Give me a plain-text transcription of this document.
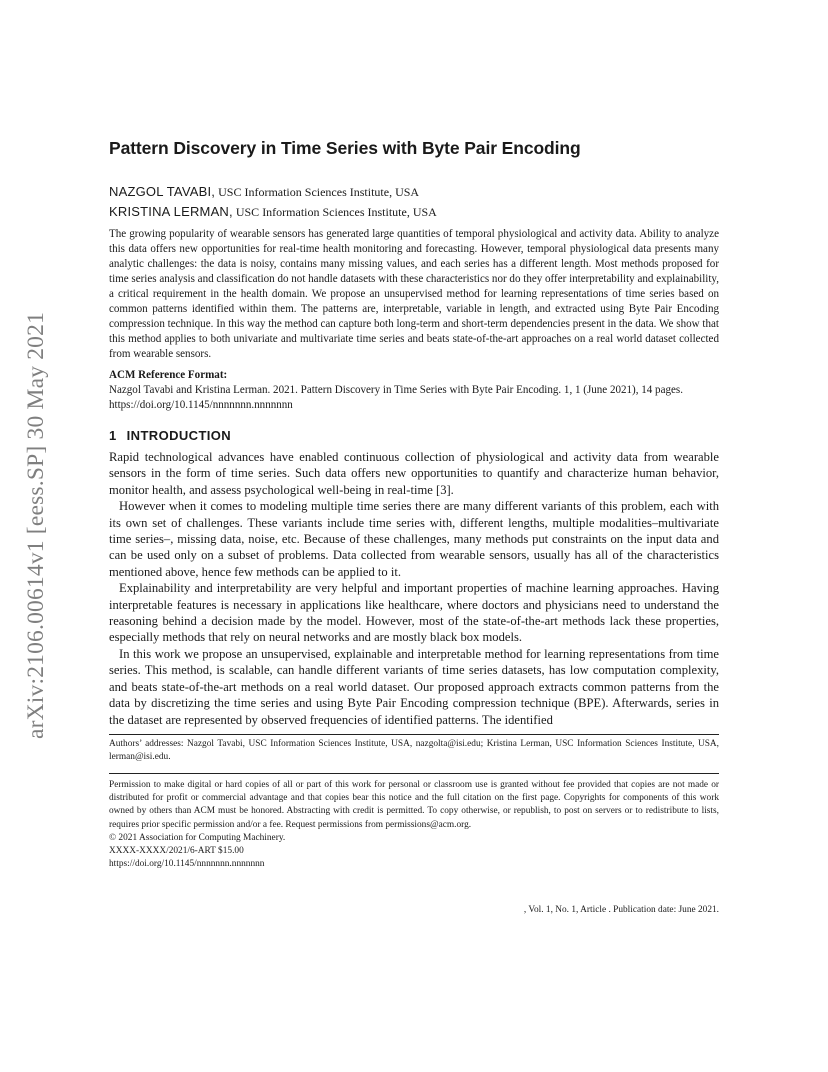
arXiv:2106.00614v1 [eess.SP] 30 May 2021
Pattern Discovery in Time Series with Byte Pair Encoding
NAZGOL TAVABI, USC Information Sciences Institute, USA
KRISTINA LERMAN, USC Information Sciences Institute, USA

The growing popularity of wearable sensors has generated large quantities of temporal physiological and activity data. Ability to analyze this data offers new opportunities for real-time health monitoring and forecasting. However, temporal physiological data presents many analytic challenges: the data is noisy, contains many missing values, and each series has a different length. Most methods proposed for time series analysis and classification do not handle datasets with these characteristics nor do they offer interpretability and explainability, a critical requirement in the health domain. We propose an unsupervised method for learning representations of time series based on common patterns identified within them. The patterns are, interpretable, variable in length, and extracted using Byte Pair Encoding compression technique. In this way the method can capture both long-term and short-term dependencies present in the data. We show that this method applies to both univariate and multivariate time series and beats state-of-the-art approaches on a real world dataset collected from wearable sensors.

ACM Reference Format:

Nazgol Tavabi and Kristina Lerman. 2021. Pattern Discovery in Time Series with Byte Pair Encoding. 1, 1 (June 2021), 14 pages. https://doi.org/10.1145/nnnnnnn.nnnnnnn

1 INTRODUCTION

Rapid technological advances have enabled continuous collection of physiological and activity data from wearable sensors in the form of time series. Such data offers new opportunities to quantify and characterize human behavior, monitor health, and assess psychological well-being in real-time [3].

However when it comes to modeling multiple time series there are many different variants of this problem, each with its own set of challenges. These variants include time series with, different lengths, multiple modalities–multivariate time series–, missing data, noise, etc. Because of these challenges, many methods put constraints on the input data and can be used only on a subset of problems. Data collected from wearable sensors, usually has all of the characteristics mentioned above, hence few methods can be applied to it.

Explainability and interpretability are very helpful and important properties of machine learning approaches. Having interpretable features is necessary in applications like healthcare, where doctors and physicians need to understand the reasoning behind a decision made by the model. However, most of the state-of-the-art methods lack these properties, especially methods that rely on neural networks and are mostly black box models.

In this work we propose an unsupervised, explainable and interpretable method for learning representations from time series. This method, is scalable, can handle different variants of time series datasets, has low computation complexity, and beats state-of-the-art methods on a real world dataset. Our proposed approach extracts common patterns from the data by discretizing the time series and using Byte Pair Encoding compression technique (BPE). Afterwards, series in the dataset are represented by observed frequencies of identified patterns. The identified

Authors’ addresses: Nazgol Tavabi, USC Information Sciences Institute, USA, nazgolta@isi.edu; Kristina Lerman, USC Information Sciences Institute, USA, lerman@isi.edu.

Permission to make digital or hard copies of all or part of this work for personal or classroom use is granted without fee provided that copies are not made or distributed for profit or commercial advantage and that copies bear this notice and the full citation on the first page. Copyrights for components of this work owned by others than ACM must be honored. Abstracting with credit is permitted. To copy otherwise, or republish, to post on servers or to redistribute to lists, requires prior specific permission and/or a fee. Request permissions from permissions@acm.org.

© 2021 Association for Computing Machinery.

XXXX-XXXX/2021/6-ART $15.00

https://doi.org/10.1145/nnnnnnn.nnnnnnn

, Vol. 1, No. 1, Article . Publication date: June 2021.
